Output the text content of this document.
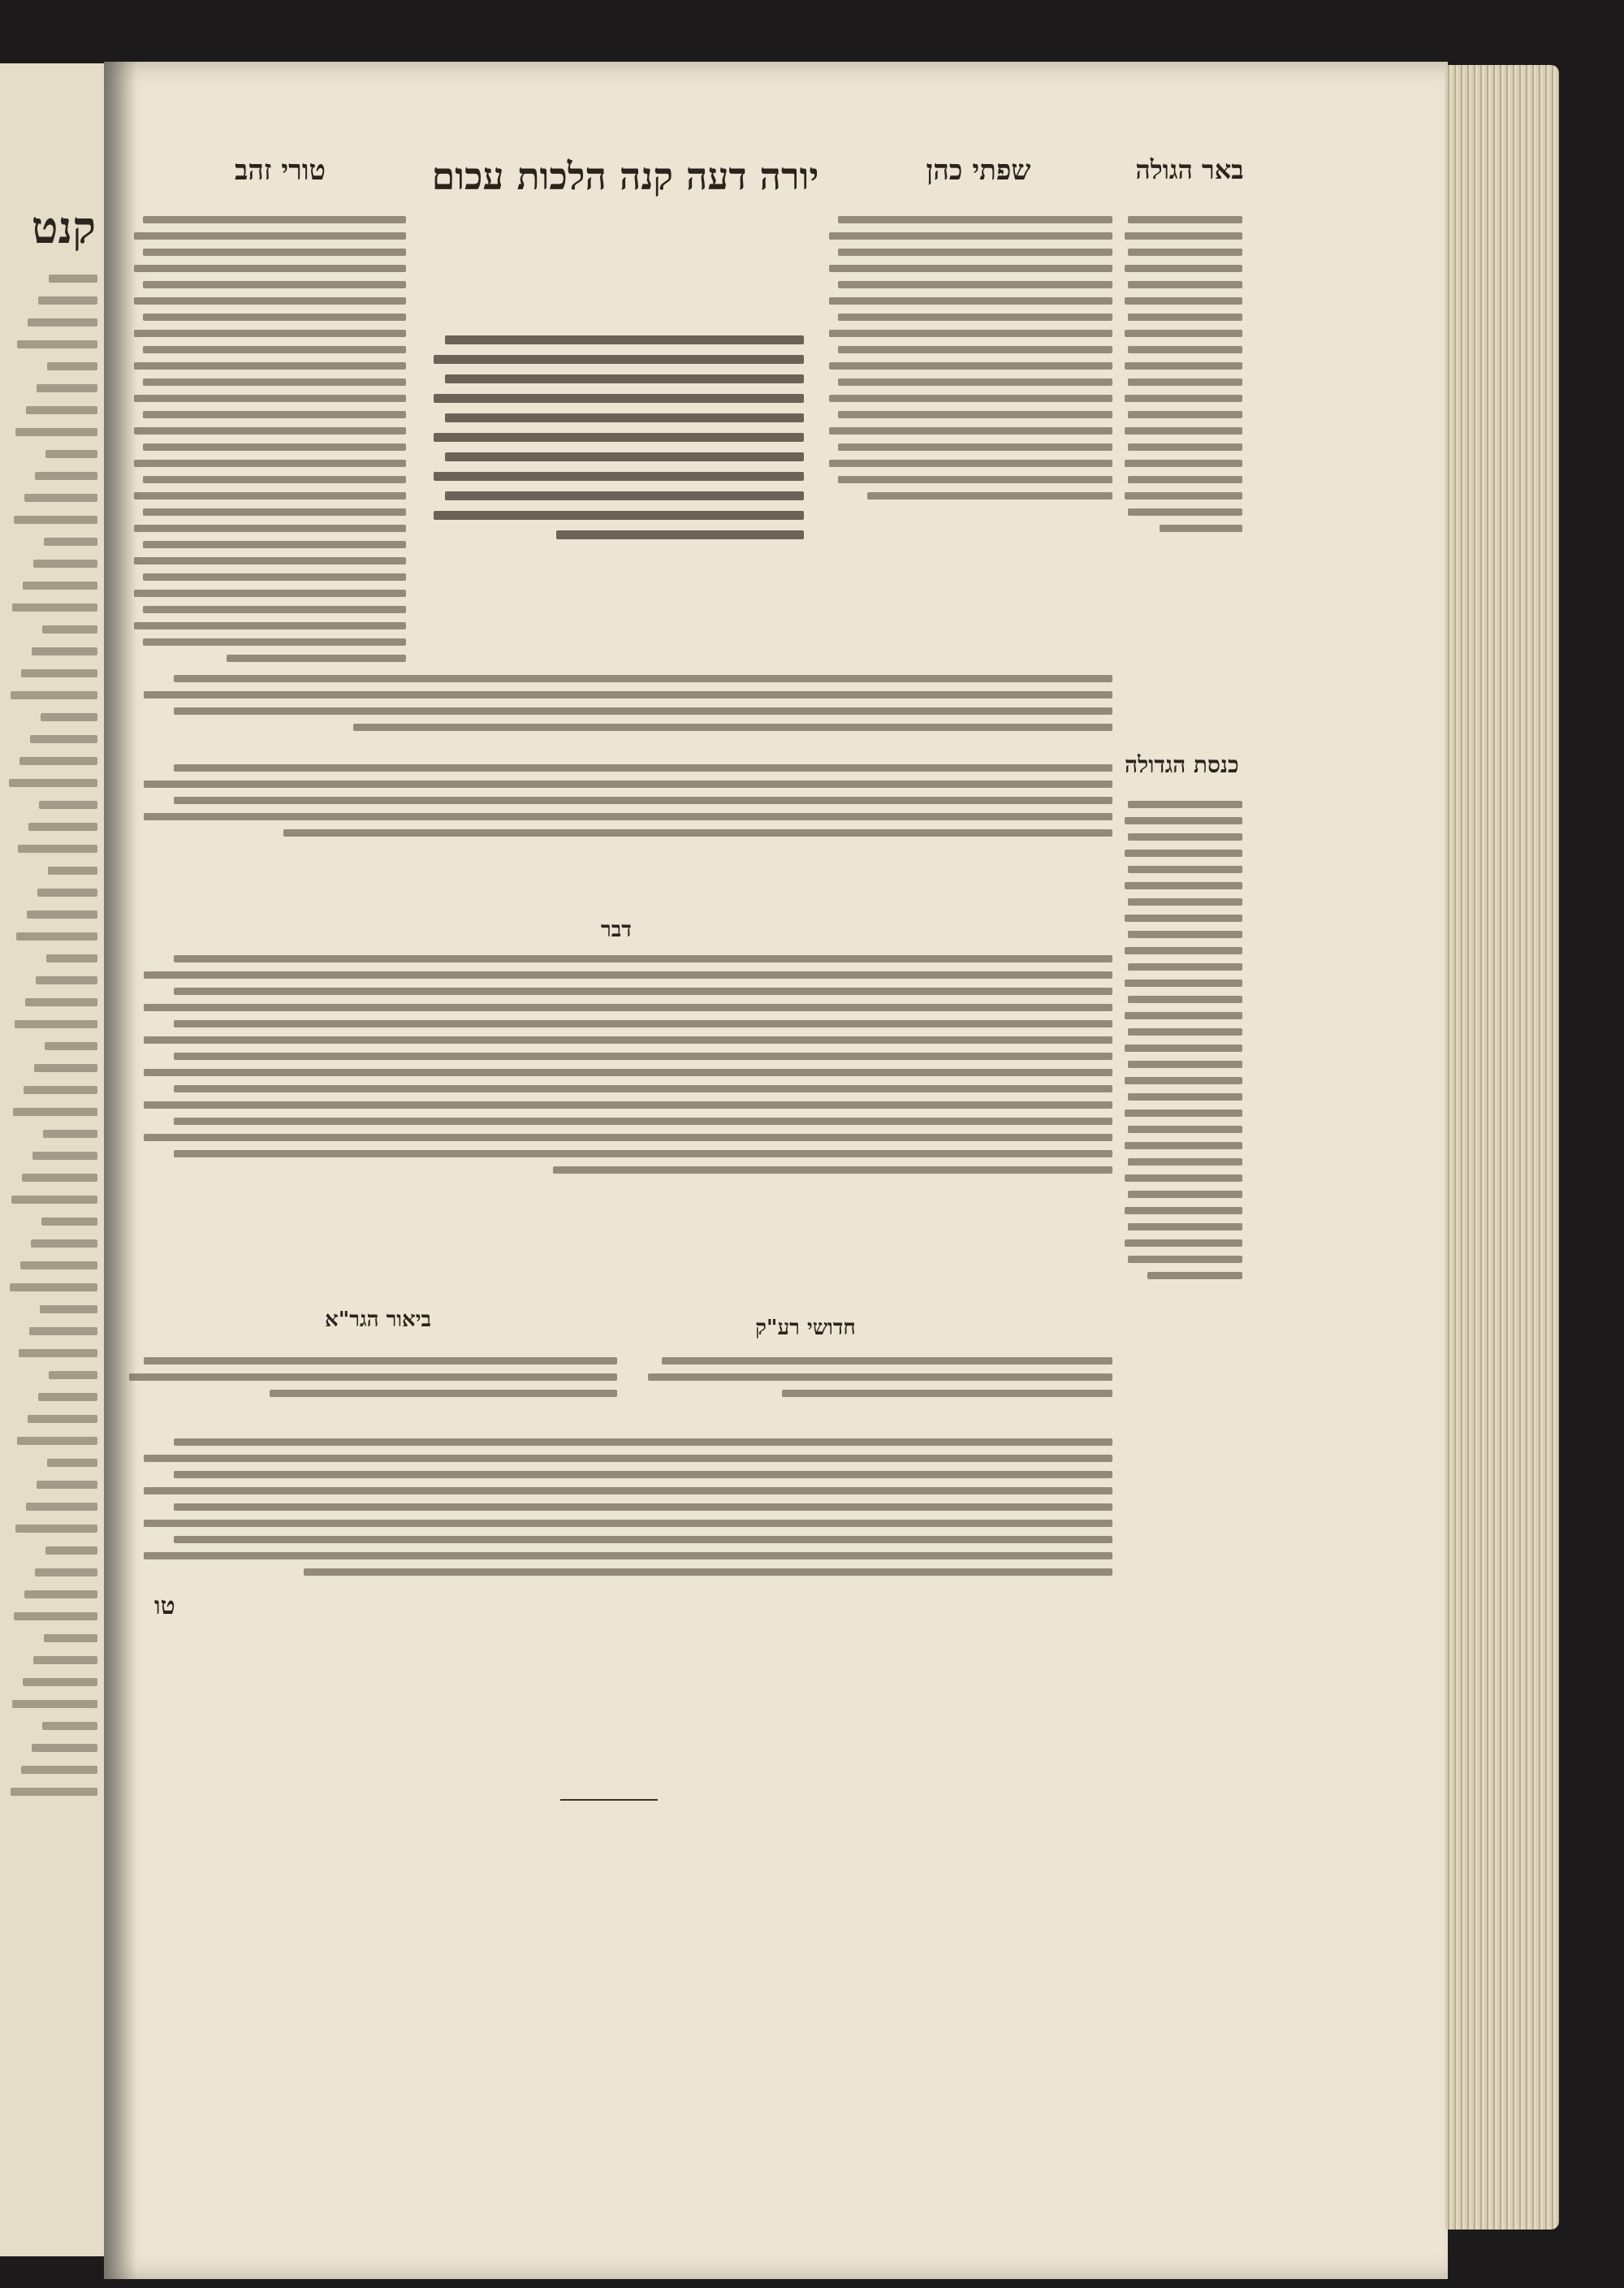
קנט
טורי זהב	יורה דעה קנה הלכות עכום	שפתי כהן	באר הגולה
כנסת הגדולה
דבר
ביאור הגר"א	חדושי רע"ק
טו
